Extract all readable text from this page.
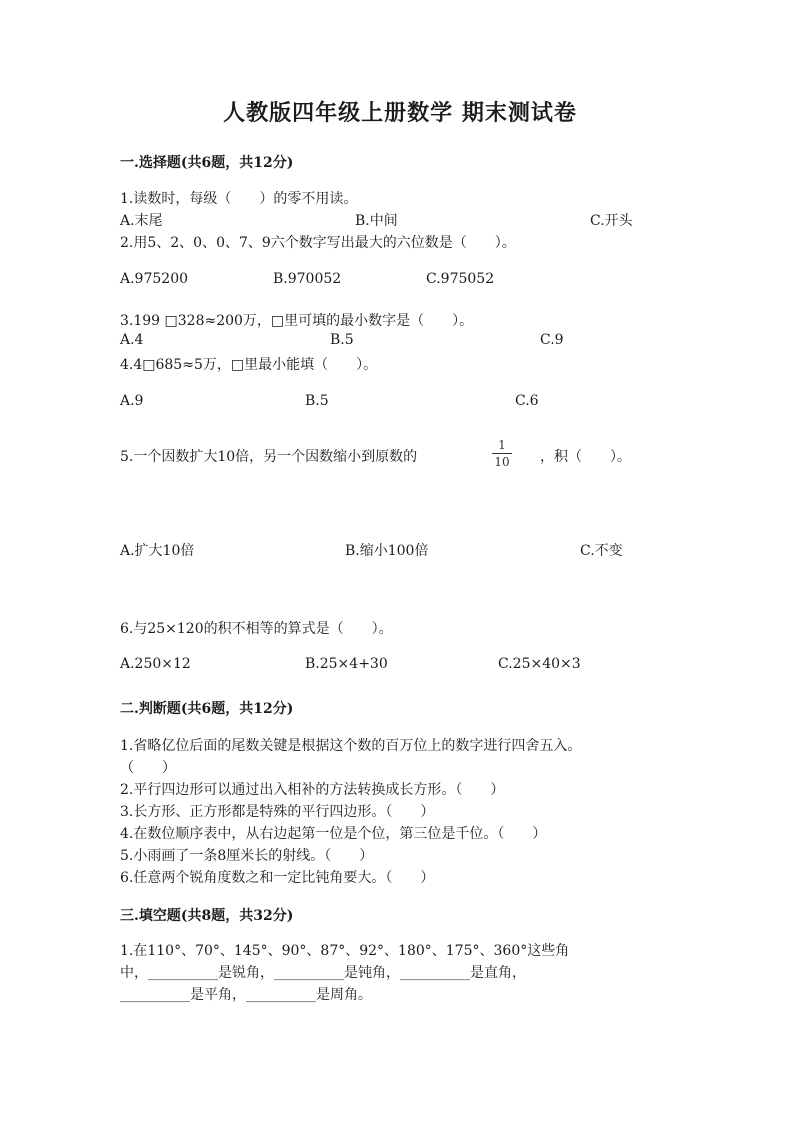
人教版四年级上册数学 期末测试卷
一.选择题(共6题，共12分)
1.读数时，每级（　　）的零不用读。
A.末尾	B.中间	C.开头
2.用5、2、0、0、7、9六个数字写出最大的六位数是（　　）。
A.975200	B.970052	C.975052
3.199 □328≈200万，□里可填的最小数字是（　　）。
A.4	B.5	C.9
4.4□685≈5万，□里最小能填（　　）。
A.9	B.5	C.6
5.一个因数扩大10倍，另一个因数缩小到原数的
1
10	，积（　　）。
A.扩大10倍	B.缩小100倍	C.不变
6.与25×120的积不相等的算式是（　　）。
A.250×12	B.25×4+30	C.25×40×3
二.判断题(共6题，共12分)
1.省略亿位后面的尾数关键是根据这个数的百万位上的数字进行四舍五入。
（　　）
2.平行四边形可以通过出入相补的方法转换成长方形。（　　）
3.长方形、正方形都是特殊的平行四边形。（　　）
4.在数位顺序表中，从右边起第一位是个位，第三位是千位。（　　）
5.小雨画了一条8厘米长的射线。（　　）
6.任意两个锐角度数之和一定比钝角要大。（　　）
三.填空题(共8题，共32分)
1.在110°、70°、145°、90°、87°、92°、180°、175°、360°这些角
中，__________是锐角，__________是钝角，__________是直角，
__________是平角，__________是周角。
